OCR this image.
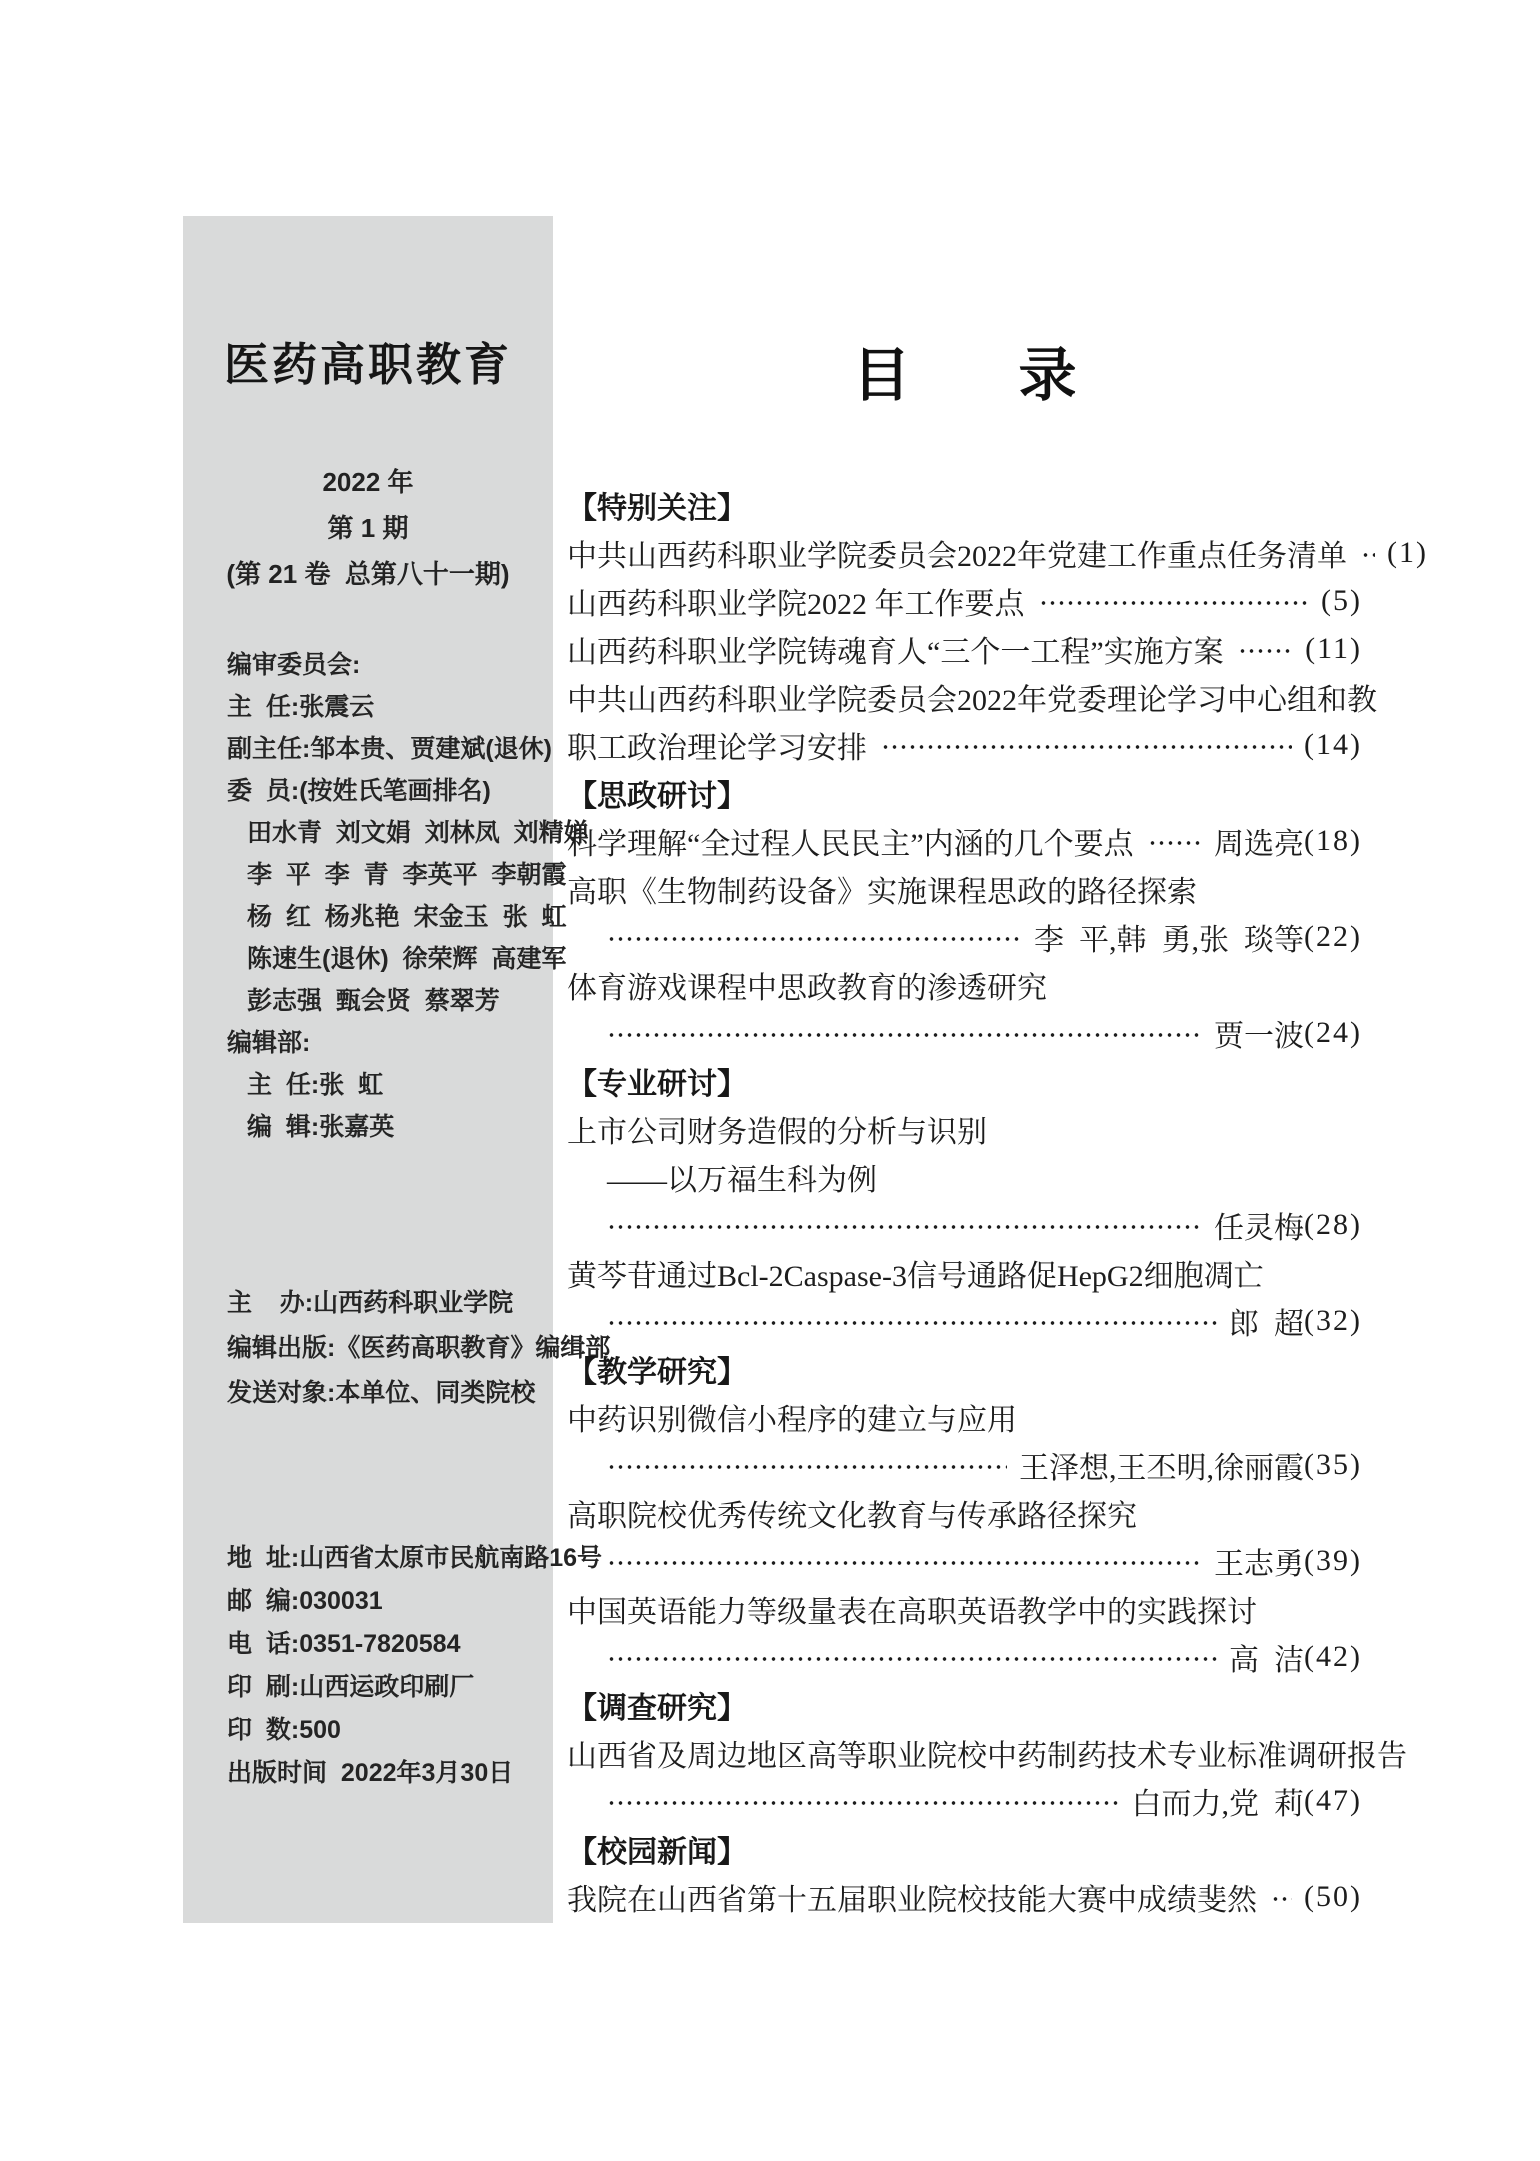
医药高职教育
2022 年
第 1 期
(第 21 卷  总第八十一期)
编审委员会:
主  任:张震云
副主任:邹本贵、贾建斌(退休)
委  员:(按姓氏笔画排名)
田水青  刘文娟  刘林凤  刘精婵
李  平  李  青  李英平  李朝霞
杨  红  杨兆艳  宋金玉  张  虹
陈速生(退休)  徐荣辉  高建军
彭志强  甄会贤  蔡翠芳
编辑部:
主  任:张  虹
编  辑:张嘉英
主    办:山西药科职业学院
编辑出版:《医药高职教育》编缉部
发送对象:本单位、同类院校
地  址:山西省太原市民航南路16号
邮  编:030031
电  话:0351-7820584
印  刷:山西运政印刷厂
印  数:500
出版时间  2022年3月30日
目 录
【特别关注】
中共山西药科职业学院委员会2022年党建工作重点任务清单 (1)
山西药科职业学院2022 年工作要点	(5)
山西药科职业学院铸魂育人“三个一工程”实施方案	(11)
中共山西药科职业学院委员会2022年党委理论学习中心组和教
职工政治理论学习安排	(14)
【思政研讨】
科学理解“全过程人民民主”内涵的几个要点	周选亮 (18)
高职《生物制药设备》实施课程思政的路径探索
李  平,韩  勇,张  琰等 (22)
体育游戏课程中思政教育的渗透研究
贾一波 (24)
【专业研讨】
上市公司财务造假的分析与识别
——以万福生科为例
任灵梅 (28)
黄芩苷通过Bcl-2Caspase-3信号通路促HepG2细胞凋亡
郎  超 (32)
【教学研究】
中药识别微信小程序的建立与应用
王泽想,王丕明,徐丽霞 (35)
高职院校优秀传统文化教育与传承路径探究
王志勇 (39)
中国英语能力等级量表在高职英语教学中的实践探讨
高  洁 (42)
【调查研究】
山西省及周边地区高等职业院校中药制药技术专业标准调研报告
白而力,党  莉 (47)
【校园新闻】
我院在山西省第十五届职业院校技能大赛中成绩斐然 (50)
